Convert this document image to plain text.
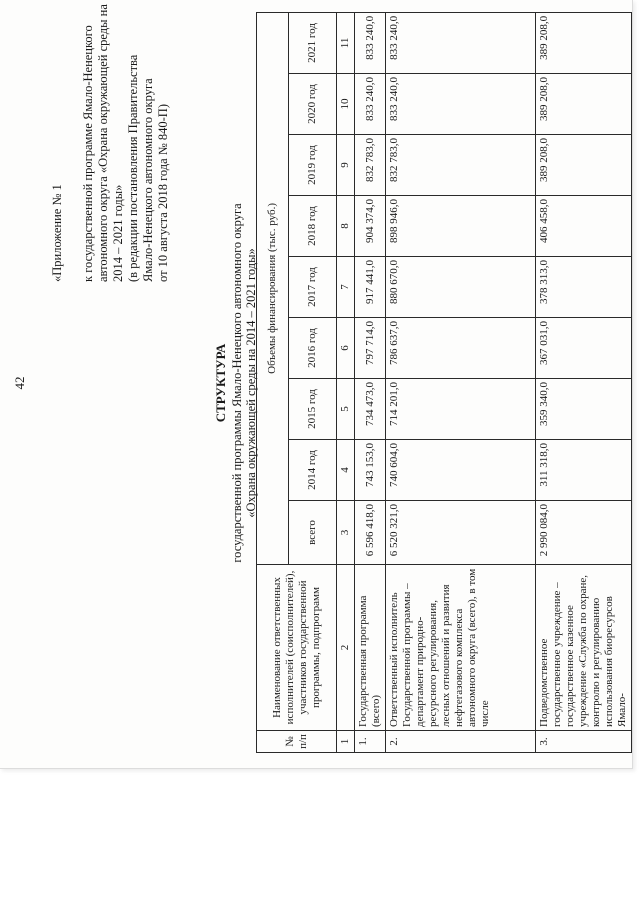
42
«Приложение № 1 к государственной программе Ямало-Ненецкого автономного округа «Охрана окружающей среды на 2014 – 2021 годы» (в редакции постановления Правительства Ямало-Ненецкого автономного округа от 10 августа 2018 года № 840-П)
СТРУКТУРА государственной программы Ямало-Ненецкого автономного округа «Охрана окружающей среды на 2014 – 2021 годы»
№
п/п	Наименование ответственных исполнителей (соисполнителей), участников государственной программы, подпрограмм	Объемы финансирования (тыс. руб.)								
		всего	2014 год	2015 год	2016 год	2017 год	2018 год	2019 год	2020 год	2021 год
1	2	3	4	5	6	7	8	9	10	11
1.	Государственная программа (всего)	6 596 418,0	743 153,0	734 473,0	797 714,0	917 441,0	904 374,0	832 783,0	833 240,0	833 240,0
2.	Ответственный исполнитель Государственной программы – департамент природно-ресурсного регулирования, лесных отношений и развития нефтегазового комплекса автономного округа (всего), в том числе	6 520 321,0	740 604,0	714 201,0	786 637,0	880 670,0	898 946,0	832 783,0	833 240,0	833 240,0
3.	Подведомственное государственное учреждение – государственное казенное учреждение «Служба по охране, контролю и регулированию использования биоресурсов Ямало-	2 990 084,0	311 318,0	359 340,0	367 031,0	378 313,0	406 458,0	389 208,0	389 208,0	389 208,0
